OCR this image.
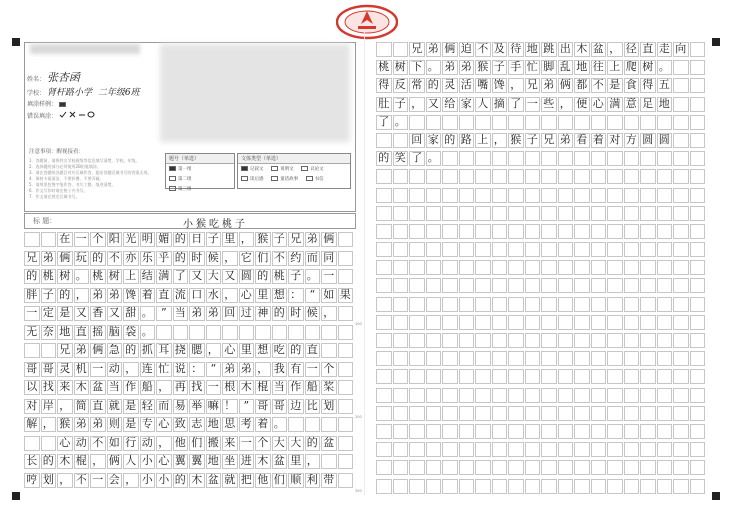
姓名： 张杏函
学校： 肾杆路小学 二年级6班
填涂样例：
错误填涂：
注意事项：醒视接看：
1．答题前，请将姓名学校班级等信息填写清楚，学校、年级。
2．选择题的部分必须使用2B铅笔填涂。
3．请在答题纸各题目对应区域作答，超出答题区域书写的答案无效。
4．保持卡面清洁，不要折叠，不要弄破。
5．请用黑色签字笔作答，书写工整，笔迹清楚。
6．作文写作时请在格子内书写。
7．作文请在规定区域书写。
题号（单选）
第一组
第二组
第三组
文体类型（单选）
记叙文	说明文	议论文
读后感	童话故事	书信
标 题：	小猴吃桃子
在 一 个 阳 光 明 媚 的 日 子 里 ， 猴 子 兄 弟 俩
兄 弟 俩 玩 的 不 亦 乐 乎 的 时 候 ， 它 们 不 约 而 同
的 桃 树 。 桃 树 上 结 满 了 又 大 又 圆 的 桃 子 。 一
胖 子 的 ， 弟 弟 馋 着 直 流 口 水 ， 心 里 想 ： “ 如 果
一 定 是 又 香 又 甜 。 ” 当 弟 弟 回 过 神 的 时 候 ，
无 奈 地 直 摇 脑 袋 。
兄 弟 俩 急 的 抓 耳 挠 腮 ， 心 里 想 吃 的 直
哥 哥 灵 机 一 动 ， 连 忙 说 ： “ 弟 弟 ， 我 有 一 个
以 找 来 木 盆 当 作 船 ， 再 找 一 根 木 棍 当 作 船 桨
对 岸 ， 简 直 就 是 轻 而 易 举 嘛 ！ ” 哥 哥 边 比 划
解 ， 猴 弟 弟 则 是 专 心 致 志 地 思 考 着 。
心 动 不 如 行 动 ， 他 们 搬 来 一 个 大 大 的 盆
长 的 木 棍 ， 俩 人 小 心 翼 翼 地 坐 进 木 盆 里 ，
哼 划 ， 不 一 会 ， 小 小 的 木 盆 就 把 他 们 顺 利 带
兄 弟 俩 迫 不 及 待 地 跳 出 木 盆 ， 径 直 走 向
桃 树 下 。 弟 弟 猴 子 手 忙 脚 乱 地 往 上 爬 树 。
得 反 常 的 灵 活 嘴 馋 ， 兄 弟 俩 都 不 是 食 得 五
肚 子 ， 又 给 家 人 摘 了 一 些 ， 便 心 满 意 足 地
了 。
回 家 的 路 上 ， 猴 子 兄 弟 看 着 对 方 圆 圆
的 笑 了 。
100
200
300
